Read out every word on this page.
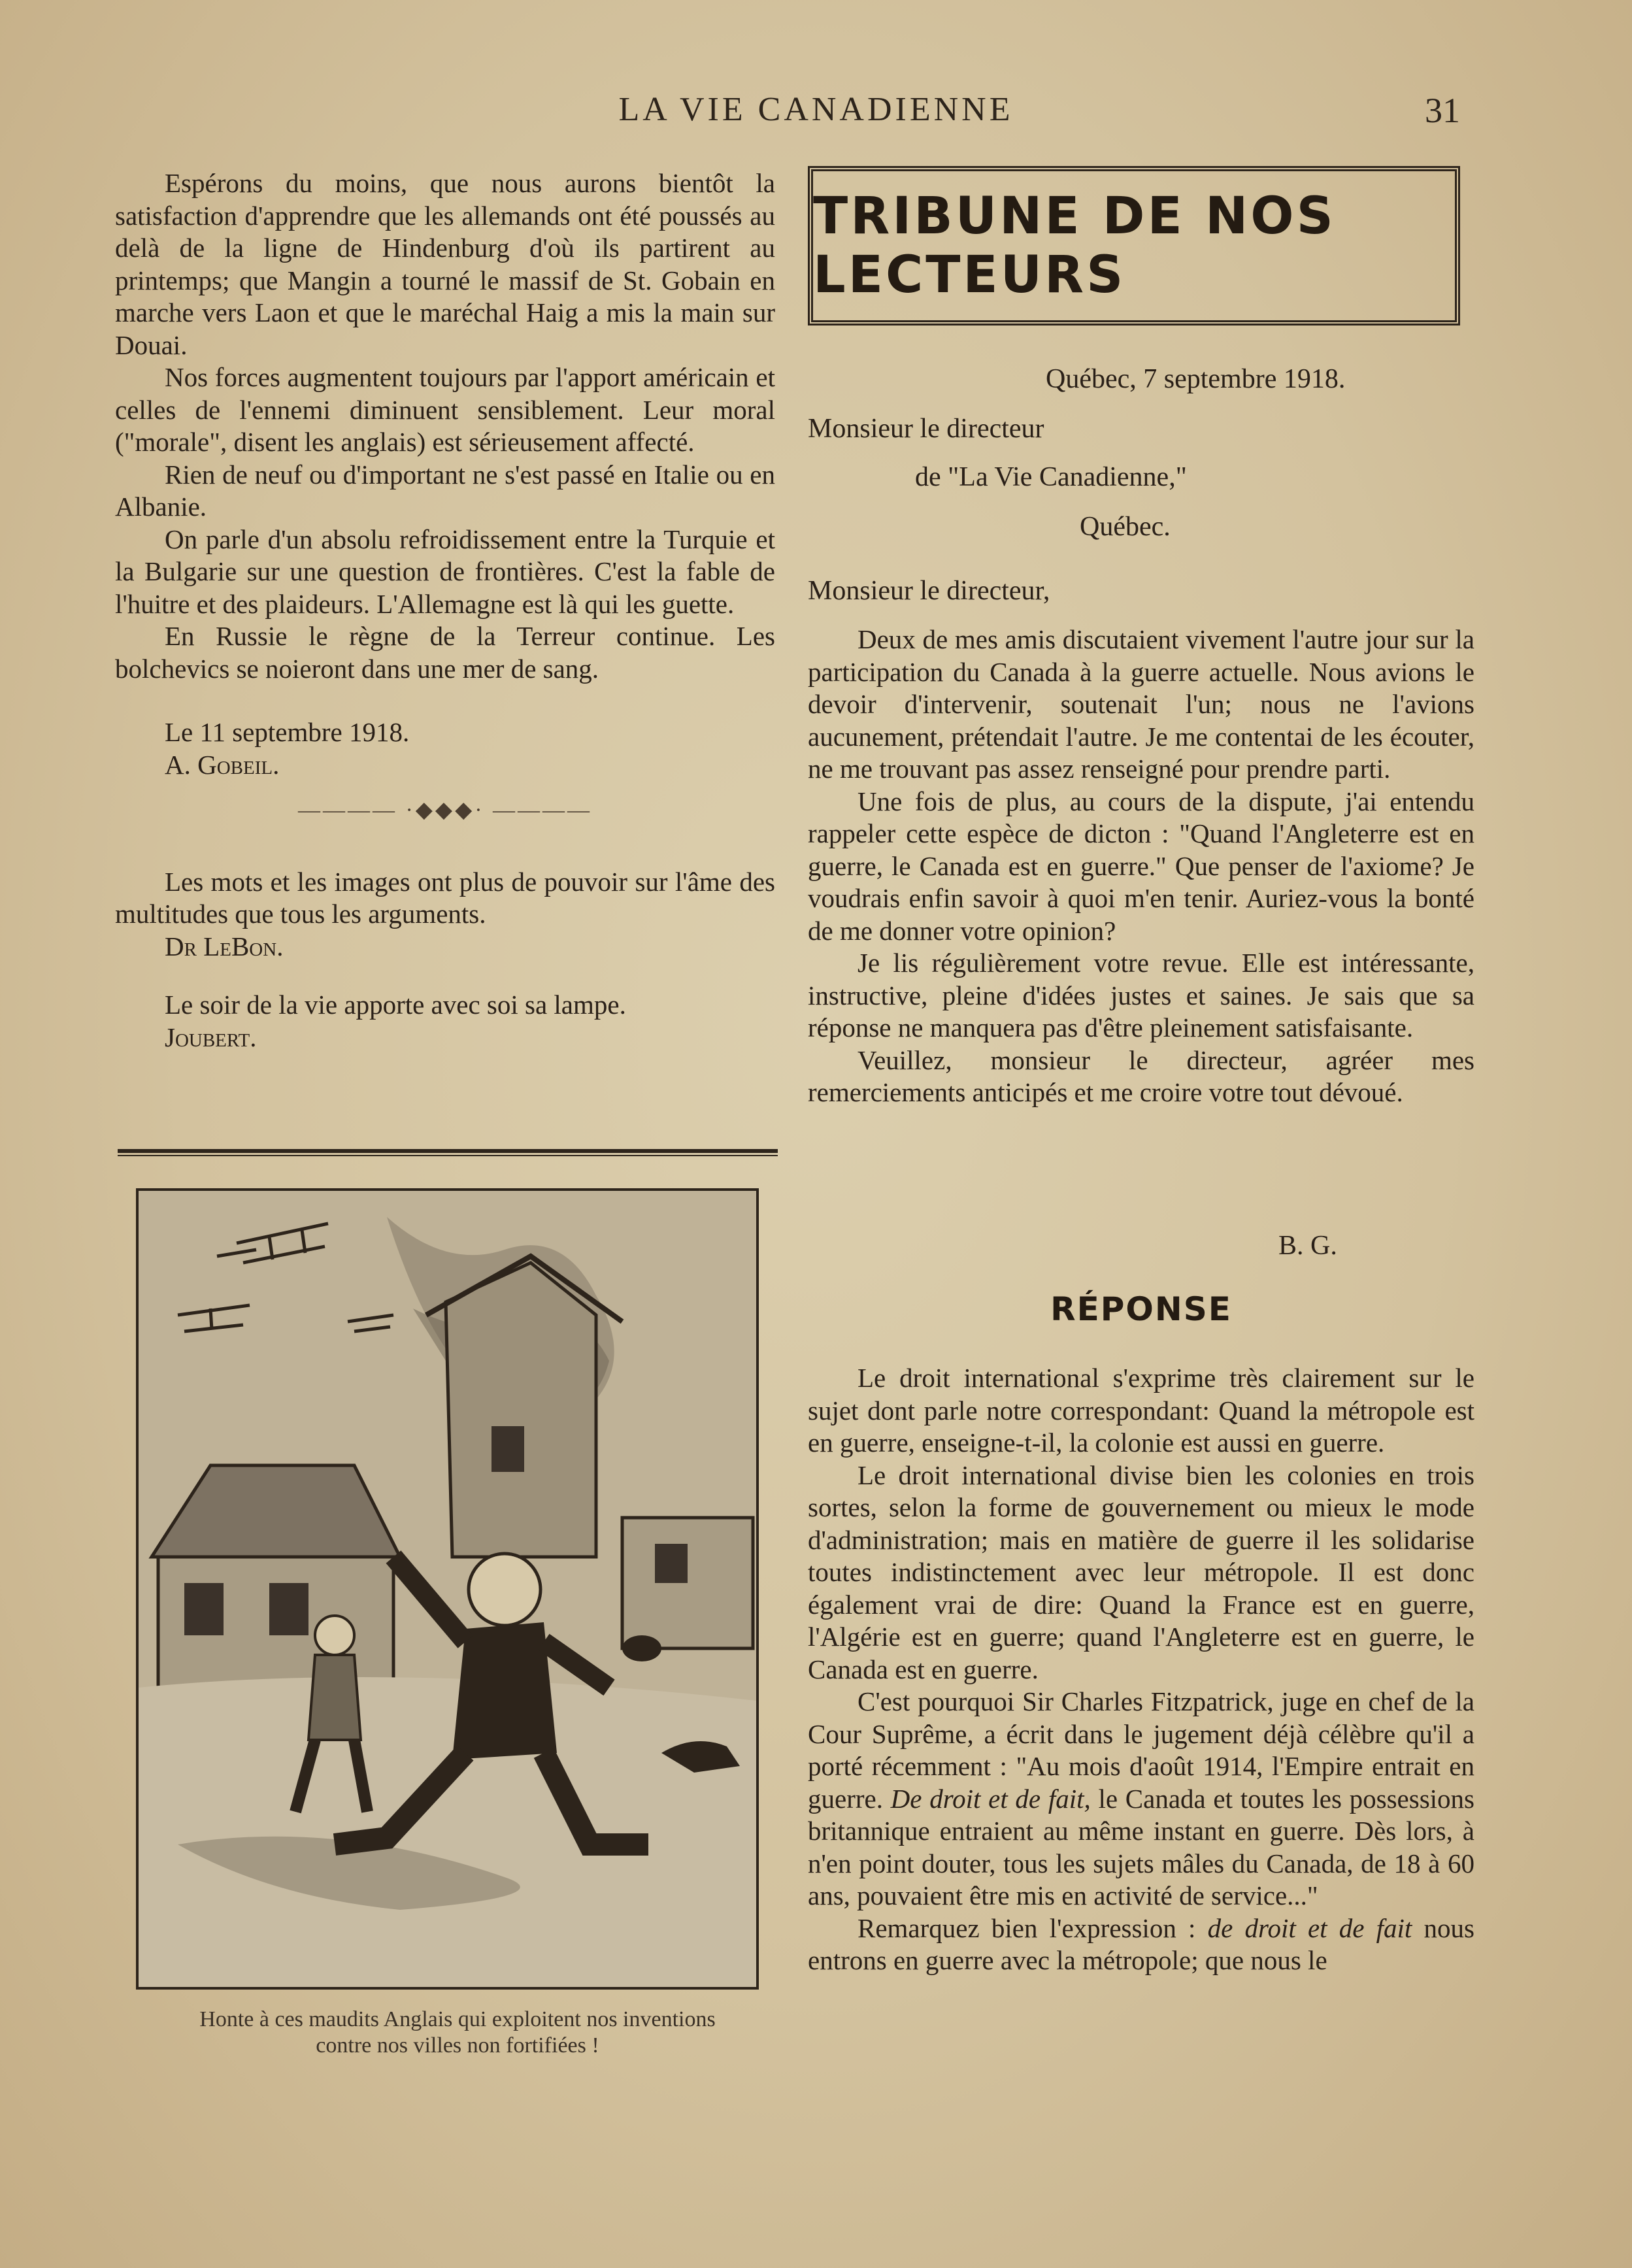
LA VIE CANADIENNE	31

Espérons du moins, que nous aurons bientôt la satisfaction d'apprendre que les allemands ont été poussés au delà de la ligne de Hindenburg d'où ils partirent au printemps; que Mangin a tourné le massif de St. Gobain en marche vers Laon et que le maréchal Haig a mis la main sur Douai.

Nos forces augmentent toujours par l'apport américain et celles de l'ennemi diminuent sensiblement. Leur moral ("morale", disent les anglais) est sérieusement affecté.

Rien de neuf ou d'important ne s'est passé en Italie ou en Albanie.

On parle d'un absolu refroidissement entre la Turquie et la Bulgarie sur une question de frontières. C'est la fable de l'huitre et des plaideurs. L'Allemagne est là qui les guette.

En Russie le règne de la Terreur continue. Les bolchevics se noieront dans une mer de sang.

Le 11 septembre 1918.

A. Gobeil.

———— ·◆◆◆· ————

Les mots et les images ont plus de pouvoir sur l'âme des multitudes que tous les arguments.

Dr LeBon.

Le soir de la vie apporte avec soi sa lampe.

Joubert.

Honte à ces maudits Anglais qui exploitent nos inventions
contre nos villes non fortifiées !
TRIBUNE DE NOS LECTEURS
Québec, 7 septembre 1918.
Monsieur le directeur
de "La Vie Canadienne,"
Québec.
Monsieur le directeur,

Deux de mes amis discutaient vivement l'autre jour sur la participation du Canada à la guerre actuelle. Nous avions le devoir d'intervenir, soutenait l'un; nous ne l'avions aucunement, prétendait l'autre. Je me contentai de les écouter, ne me trouvant pas assez renseigné pour prendre parti.

Une fois de plus, au cours de la dispute, j'ai entendu rappeler cette espèce de dicton : "Quand l'Angleterre est en guerre, le Canada est en guerre." Que penser de l'axiome? Je voudrais enfin savoir à quoi m'en tenir. Auriez-vous la bonté de me donner votre opinion?

Je lis régulièrement votre revue. Elle est intéressante, instructive, pleine d'idées justes et saines. Je sais que sa réponse ne manquera pas d'être pleinement satisfaisante.

Veuillez, monsieur le directeur, agréer mes remerciements anticipés et me croire votre tout dévoué.

B. G.
RÉPONSE

Le droit international s'exprime très clairement sur le sujet dont parle notre correspondant: Quand la métropole est en guerre, enseigne-t-il, la colonie est aussi en guerre.

Le droit international divise bien les colonies en trois sortes, selon la forme de gouvernement ou mieux le mode d'administration; mais en matière de guerre il les solidarise toutes indistinctement avec leur métropole. Il est donc également vrai de dire: Quand la France est en guerre, l'Algérie est en guerre; quand l'Angleterre est en guerre, le Canada est en guerre.

C'est pourquoi Sir Charles Fitzpatrick, juge en chef de la Cour Suprême, a écrit dans le jugement déjà célèbre qu'il a porté récemment : "Au mois d'août 1914, l'Empire entrait en guerre. De droit et de fait, le Canada et toutes les possessions britannique entraient au même instant en guerre. Dès lors, à n'en point douter, tous les sujets mâles du Canada, de 18 à 60 ans, pouvaient être mis en activité de service..."

Remarquez bien l'expression : de droit et de fait nous entrons en guerre avec la métropole; que nous le
